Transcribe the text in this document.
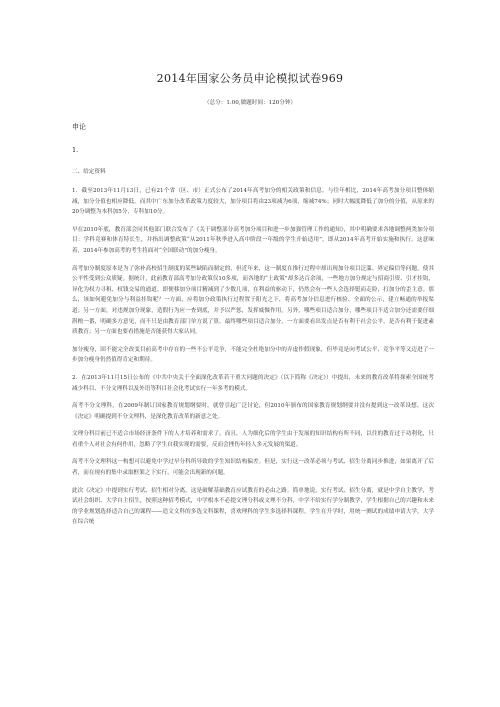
2014年国家公务员申论模拟试卷969
（总分：1.00,做题时间：120分钟）
申论
1.
二、给定资料

1．截至2013年11月13日，已有21个省（区、市）正式公布了2014年高考加分的相关政策和信息。与往年相比，2014年高考加分项目整体缩减，加分分值也相应降低。而其中广东加分改革政策力度较大，加分项目将由23项减为6项，缩减74%；同时大幅度降低了加分的分值，从原来的20分调整为本科加5分，专科加10分。

早在2010年底，教育部会同其他部门联合发布了《关于调整部分高考加分项目和进一步加强管理工作的通知》，其中明确要求各地调整两类加分项目：学科竞赛和体育特长生，并指出调整政策“从2011年秋季进入高中阶段一年级的学生开始适用”，即从2014年高考开始实施和执行。这意味着，2014年参加高考的考生将面对“全国联动”的加分瘦身。

高考加分制度原本是为了弥补高校招生制度的某些缺陷而制定的，但近年来，这一制度在推行过程中却出现加分项目泛滥、界定偏信等问题，使其公平性受到公众质疑。据统计，此前教育部高考加分政策仅10多项，而各地的“土政策”却多达百余项，一些地方加分规定与招商引资、引才挂钩，异化为权力寻租、权钱交易的通道。即便移加分项目精减到了少数几项，在利益的驱动下，仍然会有一些人会选择铤而走险，打加分的歪主意。那么，该如何避免加分与利益挂钩呢？一方面，应将加分政策执行过程置于阳光之下，将高考加分信息进行核验、全面的公示，建立畅通的举报渠道；另一方面，对违规加分现象，造假行为应一查到底，并予以严惩，发挥威慑作用。另外，哪些项目适合加分，哪些项目不适合加分还需要仔细斟酌一番，明确多方意见，而不只是由教育部门单方说了算。最终哪些项目适合加分，一方面要看出发点是否有利于社会公平，是否有利于促进素质教育；另一方面也要看措施是否能获得大家认同。

加分瘦身，固不能完全改变目前高考中存在的一些不公平竞争，不能完全杜绝加分中的弄虚作假现象，但毕竟是向考试公平、竞争平等又迈进了一步加分瘦身仍然值得肯定和期待。

2．在2013年11月15日公布的《中共中央关于全面深化改革若干重大问题的决定》（以下简称《决定》）中提出，未来的教育改革将探索全国统考减少科目、不分文理科以及外语等科目社会化考试实行一年多考的模式。

高考不分文理科，在2009年制订国家教育规划纲要时，就曾引起广泛讨论，但2010年颁布的国家教育规划纲要并没有提到这一改革设想。这次《决定》明确提到不分文理科，是深化教育改革的新意之处。

文理分科目前已不适合市场经济条件下的人才培养和需求了。而且，人为细化后的学生由于发展的知识结构有所不同，以往的教育过于功利化，只看重个人对社会有何作用，忽略了学生自我实现的需要，反而会挫伤年轻人多元发展的渠道。

高考不分文理科这一构想可以避免中学过早分科所导致的学生知识结构偏差。但是，实行这一改革必须与考试、招生分离同步推进，如果离开了后者，而在现有的集中录取框架之下实行，可能会出现新的问题。

此次《决定》中提到实行考试、招生相对分离，这是破解基础教育应试教育的必由之路。简单地说，实行考试、招生分离，就是中学自主教学，考试社会组织，大学自主招生，按照这种招考模式，中学根本不必提文理分科或文理不分科，中学不给实行学分制教学，学生根据自己的兴趣和未来的学业规划选择适合自己的课程——造文文科的多选文科课程，喜欢理科的学生多选择科课程。学生在升学时，用统一测试的成绩申请大学，大学在综合统
